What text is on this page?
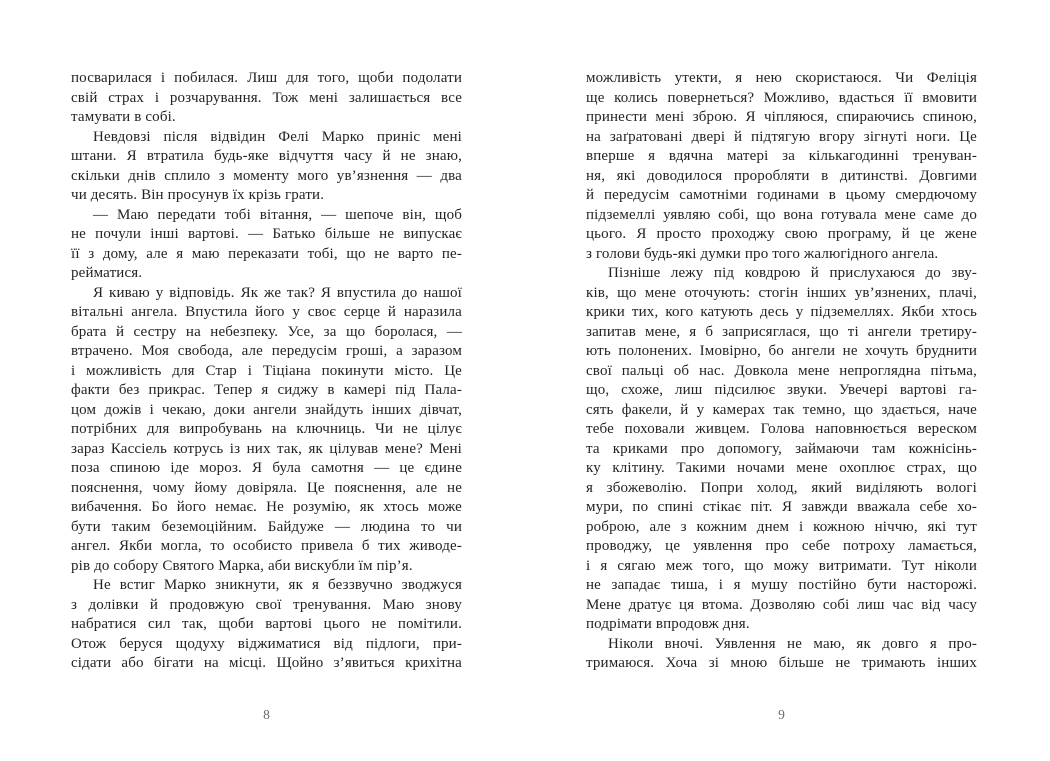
посварилася і побилася. Лиш для того, щоби подолати
свій страх і розчарування. Тож мені залишається все
тамувати в собі.
Невдовзі після відвідин Фелі Марко приніс мені
штани. Я втратила будь-яке відчуття часу й не знаю,
скільки днів сплило з моменту мого ув’язнення — два
чи десять. Він просунув їх крізь грати.
— Маю передати тобі вітання, — шепоче він, щоб
не почули інші вартові. — Батько більше не випускає
її з дому, але я маю переказати тобі, що не варто пе-
рейматися.
Я киваю у відповідь. Як же так? Я впустила до нашої
вітальні ангела. Впустила його у своє серце й наразила
брата й сестру на небезпеку. Усе, за що боролася, —
втрачено. Моя свобода, але передусім гроші, а заразом
і можливість для Стар і Тіціана покинути місто. Це
факти без прикрас. Тепер я сиджу в камері під Пала-
цом дожів і чекаю, доки ангели знайдуть інших дівчат,
потрібних для випробувань на ключниць. Чи не цілує
зараз Кассіель котрусь із них так, як цілував мене? Мені
поза спиною іде мороз. Я була самотня — це єдине
пояснення, чому йому довіряла. Це пояснення, але не
вибачення. Бо його немає. Не розумію, як хтось може
бути таким беземоційним. Байдуже — людина то чи
ангел. Якби могла, то особисто привела б тих живоде-
рів до собору Святого Марка, аби вискубли їм пір’я.
Не встиг Марко зникнути, як я беззвучно зводжуся
з долівки й продовжую свої тренування. Маю знову
набратися сил так, щоби вартові цього не помітили.
Отож беруся щодуху віджиматися від підлоги, при-
сідати або бігати на місці. Щойно з’явиться крихітна
8
можливість утекти, я нею скористаюся. Чи Феліція
ще колись повернеться? Можливо, вдасться її вмовити
принести мені зброю. Я чіпляюся, спираючись спиною,
на заґратовані двері й підтягую вгору зігнуті ноги. Це
вперше я вдячна матері за кількагодинні тренуван-
ня, які доводилося проробляти в дитинстві. Довгими
й передусім самотніми годинами в цьому смердючому
підземеллі уявляю собі, що вона готувала мене саме до
цього. Я просто проходжу свою програму, й це жене
з голови будь-які думки про того жалюгідного ангела.
Пізніше лежу під ковдрою й прислухаюся до зву-
ків, що мене оточують: стогін інших ув’язнених, плачі,
крики тих, кого катують десь у підземеллях. Якби хтось
запитав мене, я б заприсяглася, що ті ангели третиру-
ють полонених. Імовірно, бо ангели не хочуть бруднити
свої пальці об нас. Довкола мене непроглядна пітьма,
що, схоже, лиш підсилює звуки. Увечері вартові га-
сять факели, й у камерах так темно, що здається, наче
тебе поховали живцем. Голова наповнюється вереском
та криками про допомогу, займаючи там кожнісінь-
ку клітину. Такими ночами мене охоплює страх, що
я збожеволію. Попри холод, який виділяють вологі
мури, по спині стікає піт. Я завжди вважала себе хо-
роброю, але з кожним днем і кожною ніччю, які тут
проводжу, це уявлення про себе потроху ламається,
і я сягаю меж того, що можу витримати. Тут ніколи
не западає тиша, і я мушу постійно бути насторожі.
Мене дратує ця втома. Дозволяю собі лиш час від часу
подрімати впродовж дня.
Ніколи вночі. Уявлення не маю, як довго я про-
тримаюся. Хоча зі мною більше не тримають інших
9
